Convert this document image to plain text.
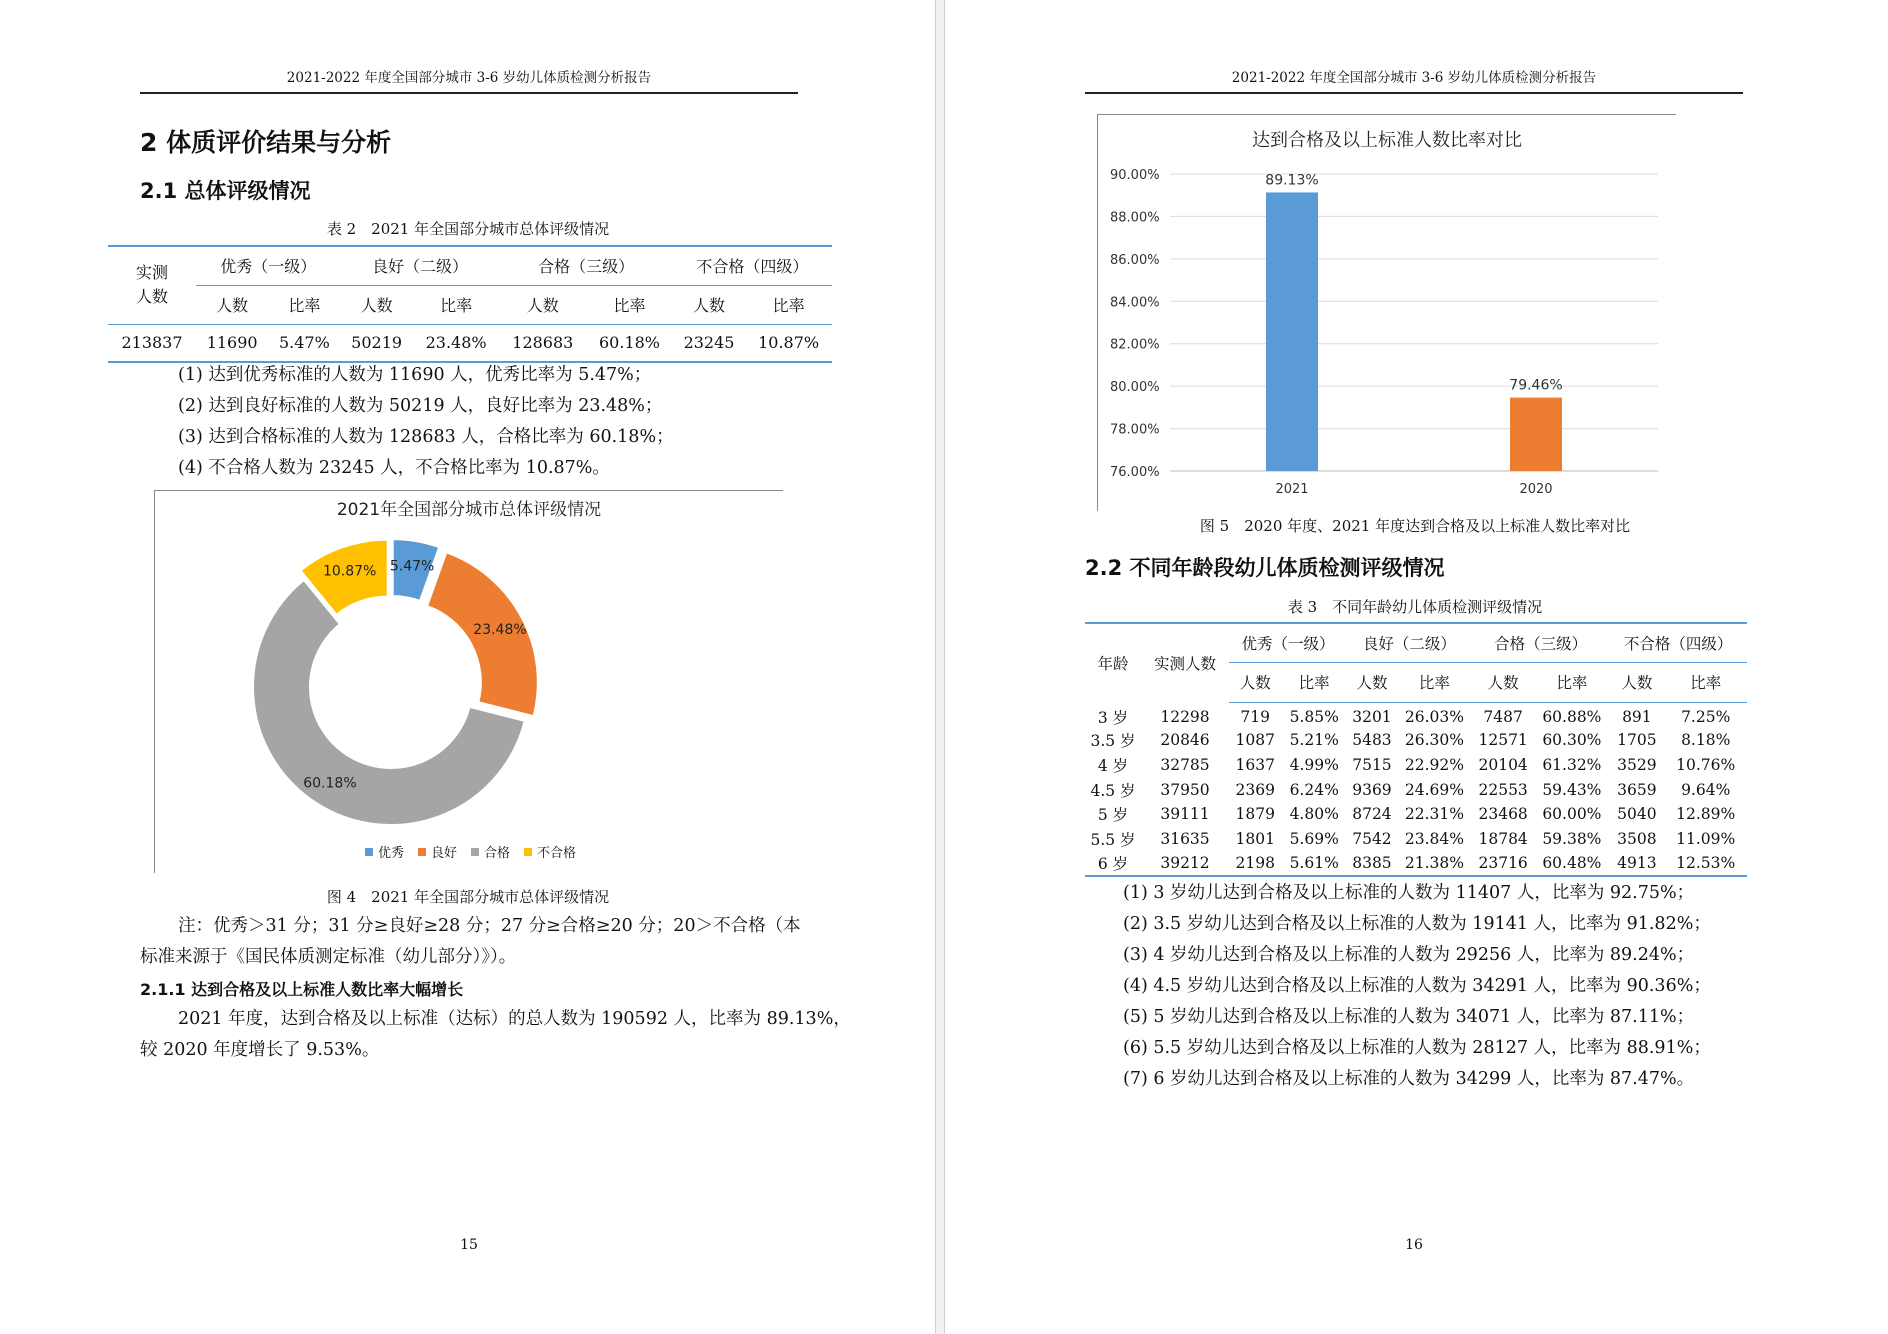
2021-2022 年度全国部分城市 3-6 岁幼儿体质检测分析报告
2 体质评价结果与分析
2.1 总体评级情况
表 2　2021 年全国部分城市总体评级情况
实测人数	优秀（一级）		良好（二级）		合格（三级）		不合格（四级）	
	人数	比率	人数	比率	人数	比率	人数	比率
213837	11690	5.47%	50219	23.48%	128683	60.18%	23245	10.87%
(1) 达到优秀标准的人数为 11690 人，优秀比率为 5.47%；
(2) 达到良好标准的人数为 50219 人，良好比率为 23.48%；
(3) 达到合格标准的人数为 128683 人，合格比率为 60.18%；
(4) 不合格人数为 23245 人，不合格比率为 10.87%。
2021年全国部分城市总体评级情况
5.47%
23.48%
60.18%
10.87%
优秀 良好 合格 不合格
图 4　2021 年全国部分城市总体评级情况
注：优秀＞31 分；31 分≥良好≥28 分；27 分≥合格≥20 分；20＞不合格（本
标准来源于《国民体质测定标准（幼儿部分）》）。
2.1.1 达到合格及以上标准人数比率大幅增长
2021 年度，达到合格及以上标准（达标）的总人数为 190592 人，比率为 89.13%，
较 2020 年度增长了 9.53%。
15
2021-2022 年度全国部分城市 3-6 岁幼儿体质检测分析报告
达到合格及以上标准人数比率对比
76.00%
78.00%
80.00%
82.00%
84.00%
86.00%
88.00%
90.00%	89.13%
2021
79.46%
2020
图 5　2020 年度、2021 年度达到合格及以上标准人数比率对比
2.2 不同年龄段幼儿体质检测评级情况
表 3　不同年龄幼儿体质检测评级情况
年龄	实测人数	优秀（一级）		良好（二级）		合格（三级）		不合格（四级）	
		人数	比率	人数	比率	人数	比率	人数	比率
3 岁	12298	719	5.85%	3201	26.03%	7487	60.88%	891	7.25%
3.5 岁	20846	1087	5.21%	5483	26.30%	12571	60.30%	1705	8.18%
4 岁	32785	1637	4.99%	7515	22.92%	20104	61.32%	3529	10.76%
4.5 岁	37950	2369	6.24%	9369	24.69%	22553	59.43%	3659	9.64%
5 岁	39111	1879	4.80%	8724	22.31%	23468	60.00%	5040	12.89%
5.5 岁	31635	1801	5.69%	7542	23.84%	18784	59.38%	3508	11.09%
6 岁	39212	2198	5.61%	8385	21.38%	23716	60.48%	4913	12.53%
(1) 3 岁幼儿达到合格及以上标准的人数为 11407 人，比率为 92.75%；
(2) 3.5 岁幼儿达到合格及以上标准的人数为 19141 人，比率为 91.82%；
(3) 4 岁幼儿达到合格及以上标准的人数为 29256 人，比率为 89.24%；
(4) 4.5 岁幼儿达到合格及以上标准的人数为 34291 人，比率为 90.36%；
(5) 5 岁幼儿达到合格及以上标准的人数为 34071 人，比率为 87.11%；
(6) 5.5 岁幼儿达到合格及以上标准的人数为 28127 人，比率为 88.91%；
(7) 6 岁幼儿达到合格及以上标准的人数为 34299 人，比率为 87.47%。
16
